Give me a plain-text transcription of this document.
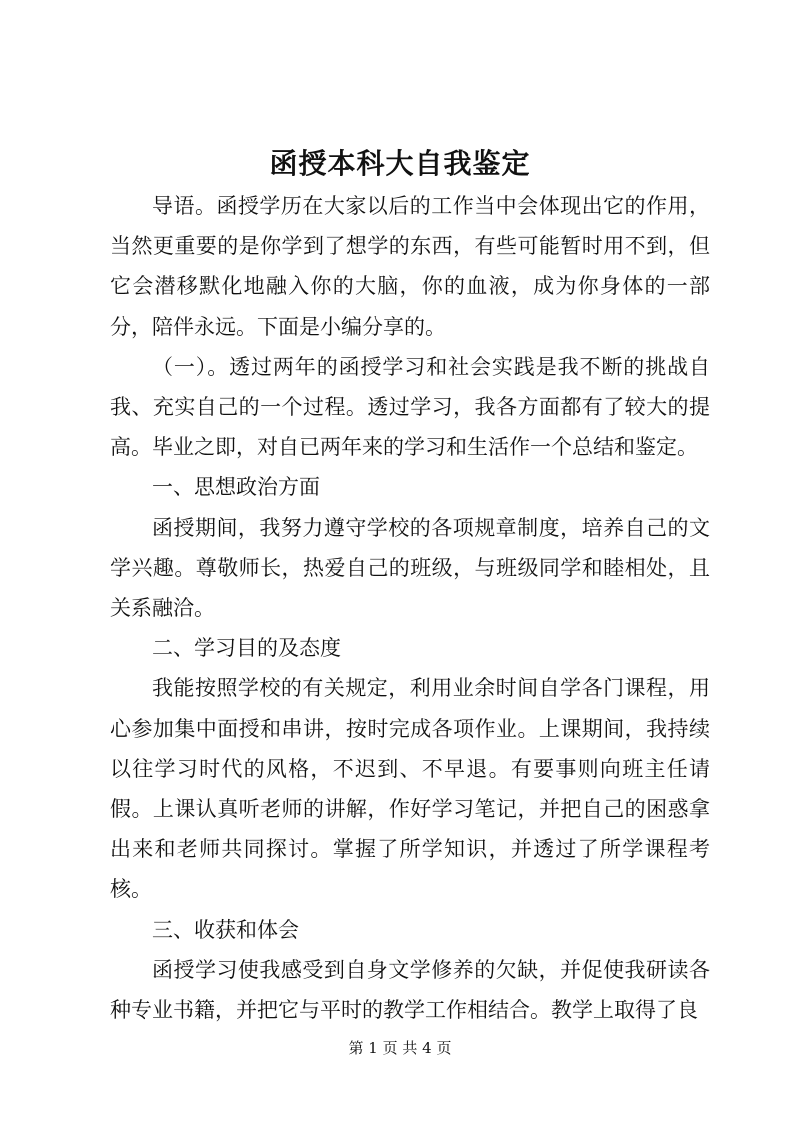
函授本科大自我鉴定

导语。函授学历在大家以后的工作当中会体现出它的作用，当然更重要的是你学到了想学的东西，有些可能暂时用不到，但它会潜移默化地融入你的大脑，你的血液，成为你身体的一部分，陪伴永远。下面是小编分享的。

（一）。透过两年的函授学习和社会实践是我不断的挑战自我、充实自己的一个过程。透过学习，我各方面都有了较大的提高。毕业之即，对自已两年来的学习和生活作一个总结和鉴定。

一、思想政治方面

函授期间，我努力遵守学校的各项规章制度，培养自己的文学兴趣。尊敬师长，热爱自己的班级，与班级同学和睦相处，且关系融洽。

二、学习目的及态度

我能按照学校的有关规定，利用业余时间自学各门课程，用心参加集中面授和串讲，按时完成各项作业。上课期间，我持续以往学习时代的风格，不迟到、不早退。有要事则向班主任请假。上课认真听老师的讲解，作好学习笔记，并把自己的困惑拿出来和老师共同探讨。掌握了所学知识，并透过了所学课程考核。

三、收获和体会

函授学习使我感受到自身文学修养的欠缺，并促使我研读各种专业书籍，并把它与平时的教学工作相结合。教学上取得了良

第 1 页 共 4 页
